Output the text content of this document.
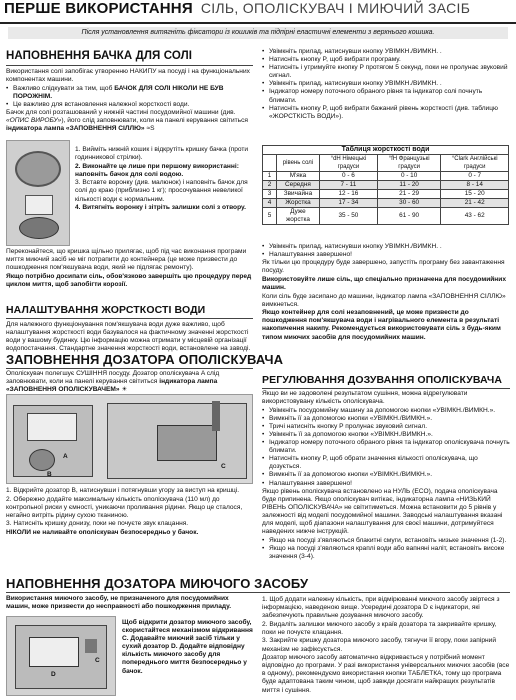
ПЕРШЕ ВИКОРИСТАННЯ СІЛЬ, ОПОЛІСКУВАЧ І МИЮЧИЙ ЗАСІБ
Після установлення витягніть фіксатори із кошиків та підпірні еластичні елементи з верхнього кошика.
НАПОВНЕННЯ БАЧКА ДЛЯ СОЛІ

Використання солі запобігає утворенню НАКИПУ на посуді і на функціональних компонентах машини.

• Важливо слідкувати за тим, щоб БАЧОК ДЛЯ СОЛІ НІКОЛИ НЕ БУВ ПОРОЖНІМ.
• Це важливо для встановлення належної жорсткості води.

Бачок для солі розташований у нижній частині посудомийної машини (див. «ОПИС ВИРОБУ»), його слід заповнювати, коли на панелі керування світиться індикатора лампа «ЗАПОВНЕННЯ СІЛЛЮ» ≈S

1. Вийміть нижній кошик і відкрутіть кришку бачка (проти годинникової стрілки).

2. Виконайте це лише при першому використанні: наповніть бачок для солі водою.

3. Вставте воронку (див. малюнок) і наповніть бачок для солі до краю (приблизно 1 кг); просочування невеликої кількості води є нормальним.

4. Витягніть воронку і зітріть залишки солі з отвору.

Переконайтеся, що кришка щільно прилягає, щоб під час виконання програми миття миючий засіб не міг потрапити до контейнера (це може призвести до пошкодження пом'якшувача води, який не підлягає ремонту).

Якщо потрібно досипати сіль, обов'язково завершіть цю процедуру перед циклом миття, щоб запобігти корозії.

НАЛАШТУВАННЯ ЖОРСТКОСТІ ВОДИ
Для належного функціонування пом'якшувача води дуже важливо, щоб налаштування жорсткості води базувалося на фактичному значенні жорсткості води у вашому будинку. Цю інформацію можна отримати у місцевій організації водопостачання. Стандартне значення жорсткості води, встановлене на заводі.
• Увімкніть прилад, натиснувши кнопку УВІМКН./ВИМКН. .
• Натисніть кнопку P, щоб вибрати програму.
• Натисніть і утримуйте кнопку P протягом 5 секунд, поки не пролунає звуковий сигнал.
• Увімкніть прилад, натиснувши кнопку УВІМКН./ВИМКН. .
• Індикатор номеру поточного обраного рівня та індикатор солі почнуть блимати.
• Натисніть кнопку P, щоб вибрати бажаний рівень жорсткості (див. таблицю «ЖОРСТКІСТЬ ВОДИ»).
Таблиця жорсткості води				
	рівень солі	°dH Німецькі градуси	°fH Французькі градуси	°Clark Англійські градуси
1	М'яка	0 - 6	0 - 10	0 - 7
2	Середня	7 - 11	11 - 20	8 - 14
3	Звичайна	12 - 16	21 - 29	15 - 20
4	Жорстка	17 - 34	30 - 60	21 - 42
5	Дуже жорстка	35 - 50	61 - 90	43 - 62
• Увімкніть прилад, натиснувши кнопку УВІМКН./ВИМКН. .
• Налаштування завершено!

Як тільки цю процедуру буде завершено, запустіть програму без завантаження посуду.

Використовуйте лише сіль, що спеціально призначена для посудомийних машин.

Коли сіль буде засипано до машини, індикатор лампа «ЗАПОВНЕННЯ СІЛЛЮ» вимкнеться.

Якщо контейнер для солі незаповнений, це може призвести до пошкодження пом'якшувача води і нагрівального елемента в результаті накопичення накипу. Рекомендується використовувати сіль з будь-яким типом миючих засобів для посудомийних машин.

ЗАПОВНЕННЯ ДОЗАТОРА ОПОЛІСКУВАЧА

Ополіскувач полегшує СУШІННЯ посуду. Дозатор ополіскувача A слід заповнювати, коли на панелі керування світиться індикатора лампа «ЗАПОВНЕННЯ ОПОЛІСКУВАЧЕМ» ☀

A
B
C

1. Відкрийте дозатор B, натиснувши і потягнувши угору за виступ на кришці.

2. Обережно додайте максимальну кількість ополіскувача (110 мл) до контрольної риски у ємності, уникаючи проливання рідини. Якщо це сталося, негайно витріть рідину сухою тканиною.

3. Натисніть кришку донизу, поки не почуєте звук клацання.

НІКОЛИ не наливайте ополіскувач безпосередньо у бачок.

РЕГУЛЮВАННЯ ДОЗУВАННЯ ОПОЛІСКУВАЧА

Якщо ви не задоволені результатом сушіння, можна відрегулювати використовувану кількість ополіскувача.

• Увімкніть посудомийну машину за допомогою кнопки «УВІМКН./ВИМКН.».
• Вимкніть її за допомогою кнопки «УВІМКН./ВИМКН.».
• Тричі натисніть кнопку P пролунає звуковий сигнал.
• Увімкніть її за допомогою кнопки «УВІМКН./ВИМКН.».
• Індикатор номеру поточного обраного рівня та індикатор ополіскувача почнуть блимати.
• Натисніть кнопку P, щоб обрати значення кількості ополіскувача, що дозується.
• Вимкніть її за допомогою кнопки «УВІМКН./ВИМКН.».
• Налаштування завершено!

Якщо рівень ополіскувача встановлено на НУЛЬ (ECO), подача ополіскувача буде припинена. Якщо ополіскувач витікає, індикаторна лампа «НИЗЬКИЙ РІВЕНЬ ОПОЛІСКУВАЧА» не світитиметься. Можна встановити до 5 рівнів у залежності від моделі посудомийної машини. Заводські налаштування вказані для моделі, щоб діапазони налаштування для своєї машини, дотримуйтеся наведених нижче інструкцій.

• Якщо на посуді з'являються блакитні смуги, встановіть низьке значення (1-2).
• Якщо на посуді з'являються краплі води або вапняні наліт, встановіть високе значення (3-4).
НАПОВНЕННЯ ДОЗАТОРА МИЮЧОГО ЗАСОБУ
Використання миючого засобу, не призначеного для посудомийних машин, може призвести до несправності або пошкодження приладу.
C
D
Щоб відкрити дозатор миючого засобу, скористайтеся механізмом відкривання C. Додавайте миючий засіб тільки у сухий дозатор D. Додайте відповідну кількість миючого засобу для попереднього миття безпосередньо у бачок.

1. Щоб додати належну кількість, при відмірюванні миючого засобу звіртеся з інформацією, наведеною вище. Усередині дозатора D є індикатори, які забезпечують правильне дозування миючого засобу.

2. Видаліть залишки миючого засобу з країв дозатора та закривайте кришку, поки не почуєте клацання.

3. Закрийте кришку дозатора миючого засобу, тягнучи її вгору, поки запірний механізм не зафіксується.

Дозатор миючого засобу автоматично відкривається у потрібний момент відповідно до програми. У разі використання універсальних миючих засобів (все в одному), рекомендуємо використання кнопки ТАБЛЕТКА, тому що програма буде адаптована таким чином, щоб завжди досягати найкращих результатів миття і сушіння.
